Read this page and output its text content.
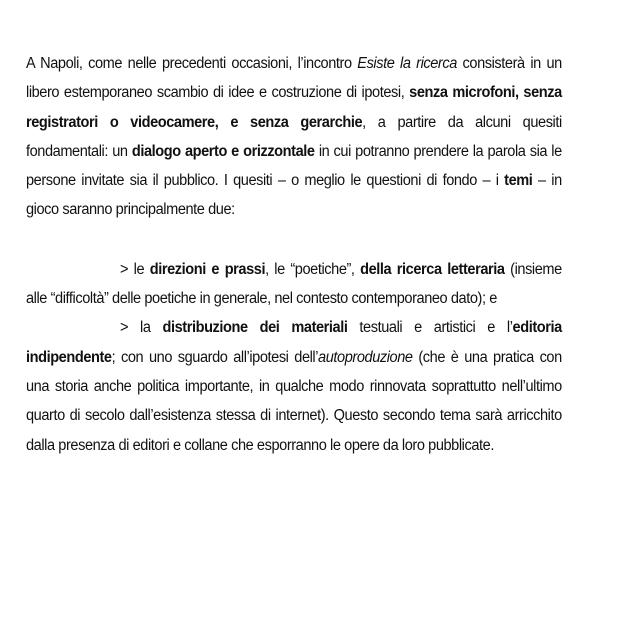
A Napoli, come nelle precedenti occasioni, l’incontro Esiste la ricerca consisterà in un libero estemporaneo scambio di idee e costruzione di ipotesi, senza microfoni, senza registratori o videocamere, e senza gerarchie, a partire da alcuni quesiti fondamentali: un dialogo aperto e orizzontale in cui potranno prendere la parola sia le persone invitate sia il pubblico. I quesiti – o meglio le questioni di fondo – i temi – in gioco saranno principalmente due:

> le direzioni e prassi, le “poetiche”, della ricerca letteraria (insieme alle “difficoltà” delle poetiche in generale, nel contesto contemporaneo dato); e

> la distribuzione dei materiali testuali e artistici e l’editoria indipendente; con uno sguardo all’ipotesi dell’autoproduzione (che è una pratica con una storia anche politica importante, in qualche modo rinnovata soprattutto nell’ultimo quarto di secolo dall’esistenza stessa di internet). Questo secondo tema sarà arricchito dalla presenza di editori e collane che esporranno le opere da loro pubblicate.
